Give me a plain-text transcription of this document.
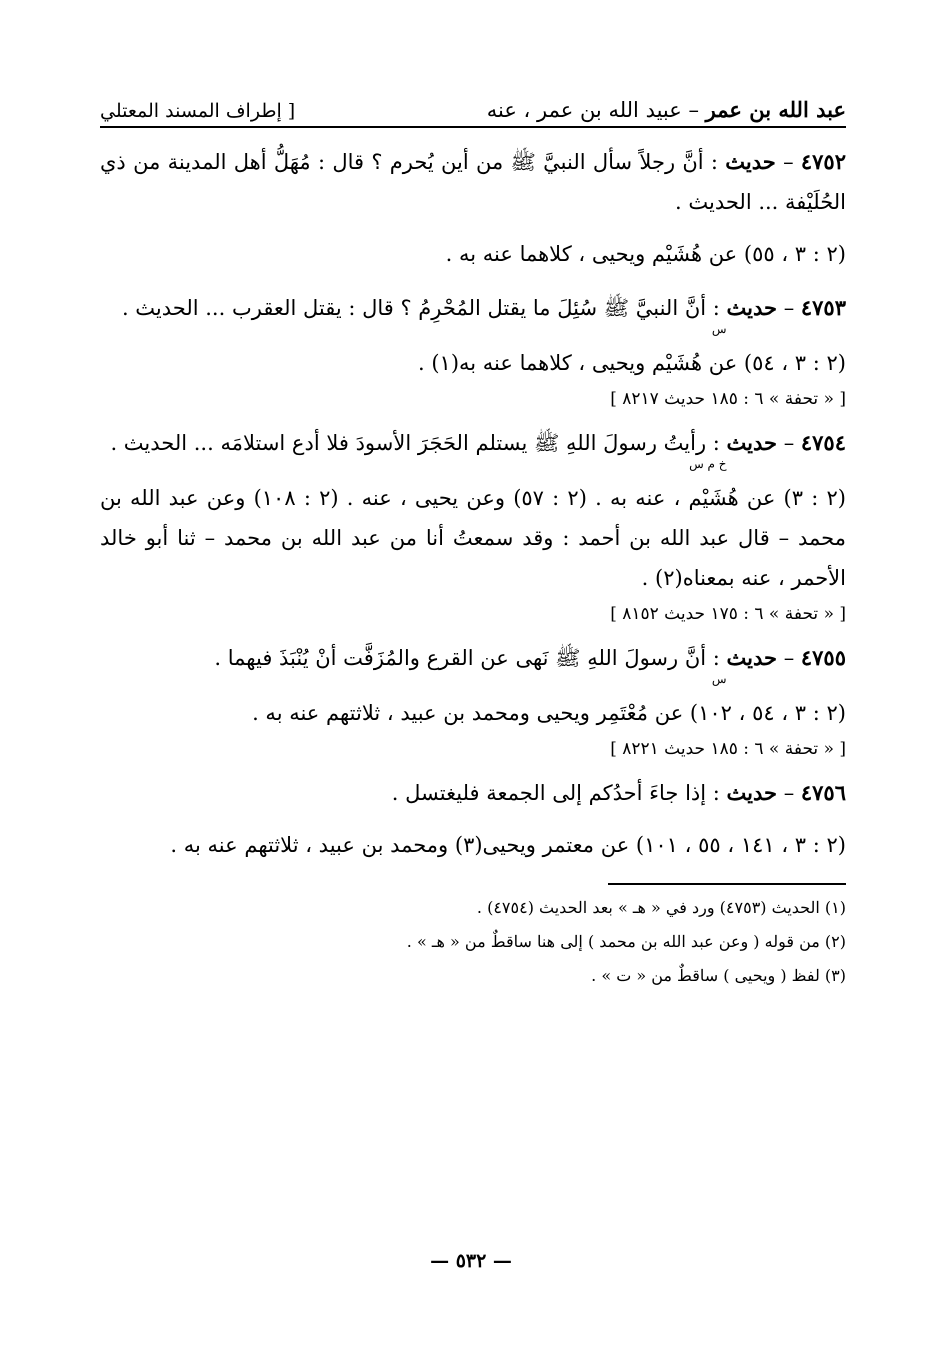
عبد الله بن عمر – عبيد الله بن عمر ، عنه
[ إطراف المسند المعتلي
٤٧٥٢ – حديث : أنَّ رجلاً سأل النبيَّ ﷺ من أين يُحرم ؟ قال : مُهَلُّ أهل المدينة من ذي الحُلَيْفة ... الحديث .
(٢ : ٣ ، ٥٥) عن هُشَيْم ويحيى ، كلاهما عنه به .
٤٧٥٣ – حديثس : أنَّ النبيَّ ﷺ سُئِلَ ما يقتل المُحْرِمُ ؟ قال : يقتل العقرب ... الحديث .
(٢ : ٣ ، ٥٤) عن هُشَيْم ويحيى ، كلاهما عنه به(١) .
[ « تحفة » ٦ : ١٨٥ حديث ٨٢١٧ ]
٤٧٥٤ – حديثخ م س : رأيتُ رسولَ اللهِ ﷺ يستلم الحَجَرَ الأسودَ فلا أدع استلامَه ... الحديث .
(٢ : ٣) عن هُشَيْم ، عنه به . (٢ : ٥٧) وعن يحيى ، عنه . (٢ : ١٠٨) وعن عبد الله بن محمد – قال عبد الله بن أحمد : وقد سمعتُ أنا من عبد الله بن محمد – ثنا أبو خالد الأحمر ، عنه بمعناه(٢) .
[ « تحفة » ٦ : ١٧٥ حديث ٨١٥٢ ]
٤٧٥٥ – حديثس : أنَّ رسولَ اللهِ ﷺ نَهى عن القرع والمُزَفَّت أنْ يُنْبَذَ فيهما .
(٢ : ٣ ، ٥٤ ، ١٠٢) عن مُعْتَمِر ويحيى ومحمد بن عبيد ، ثلاثتهم عنه به .
[ « تحفة » ٦ : ١٨٥ حديث ٨٢٢١ ]
٤٧٥٦ – حديث : إذا جاءَ أحدُكم إلى الجمعة فليغتسل .
(٢ : ٣ ، ١٤١ ، ٥٥ ، ١٠١) عن معتمر ويحيى(٣) ومحمد بن عبيد ، ثلاثتهم عنه به .
(١) الحديث (٤٧٥٣) ورد في « هـ » بعد الحديث (٤٧٥٤) .
(٢) من قوله ( وعن عبد الله بن محمد ) إلى هنا ساقطٌ من « هـ » .
(٣) لفظ ( ويحيى ) ساقطٌ من « ت » .
— ٥٣٢ —
